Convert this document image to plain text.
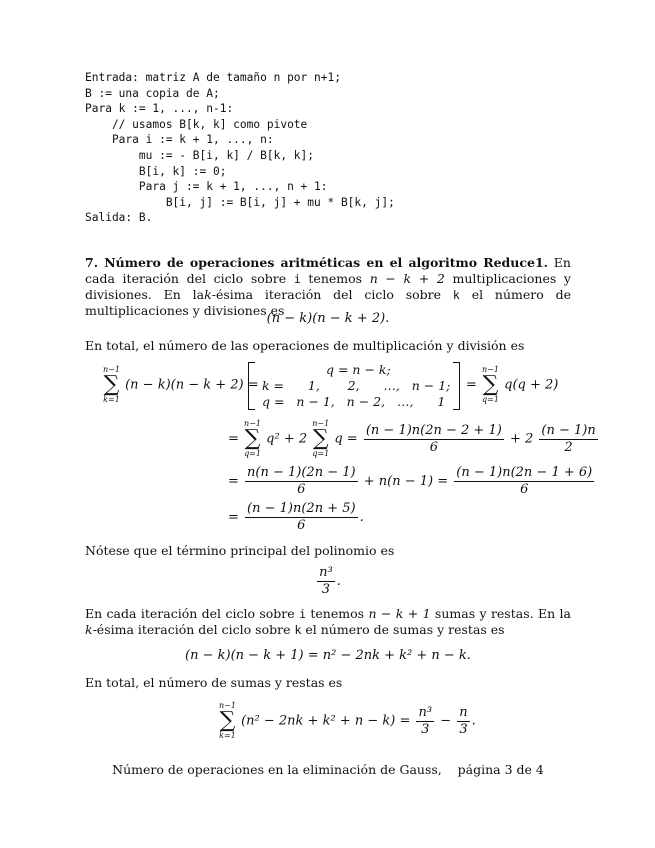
Entrada: matriz A de tamaño n por n+1;
B := una copia de A;
Para k := 1, ..., n-1:
// usamos B[k, k] como pivote
Para i := k + 1, ..., n:
mu := - B[i, k] / B[k, k];
B[i, k] := 0;
Para j := k + 1, ..., n + 1:
B[i, j] := B[i, j] + mu * B[k, j];
Salida: B.

7. Número de operaciones aritméticas en el algoritmo Reduce1. En cada iteración del ciclo sobre i tenemos n − k + 2 multiplicaciones y divisiones. En lak-ésima iteración del ciclo sobre k el número de multiplicaciones y divisiones es

(n − k)(n − k + 2).

En total, el número de las operaciones de multiplicación y división es

n−1
∑
k=1
(n − k)(n − k + 2) =
q = n − k;
k =      1,       2,      …,   n − 1;
q =   n − 1,   n − 2,   …,      1
=
n−1
∑
q=1
q(q + 2)
=
n−1
∑
q=1
q² + 2
n−1
∑
q=1
$q = \frac{(n - 1)n(2n - 2 + 1)}{6} + 2 \frac{(n - 1)n}{2}$
= $\frac{n(n - 1)(2n - 1)}{6} + n(n - 1) = \frac{(n - 1)n(2n - 1 + 6)}{6}$
= $\frac{(n - 1)n(2n + 5)}{6}$ .

Nótese que el término principal del polinomio es

$\frac{\text{n³}}{3}$ .

En cada iteración del ciclo sobre i tenemos n − k + 1 sumas y restas. En la k-ésima iteración del ciclo sobre k el número de sumas y restas es

(n − k)(n − k + 1) = n² − 2nk + k² + n − k.

En total, el número de sumas y restas es

n−1
∑
k=1
$(n^2 - 2nk + k^2 + n - k) = \frac{\text{n³}}{3} - \frac{n}{3}$ .
Número de operaciones en la eliminación de Gauss,    página 3 de 4
